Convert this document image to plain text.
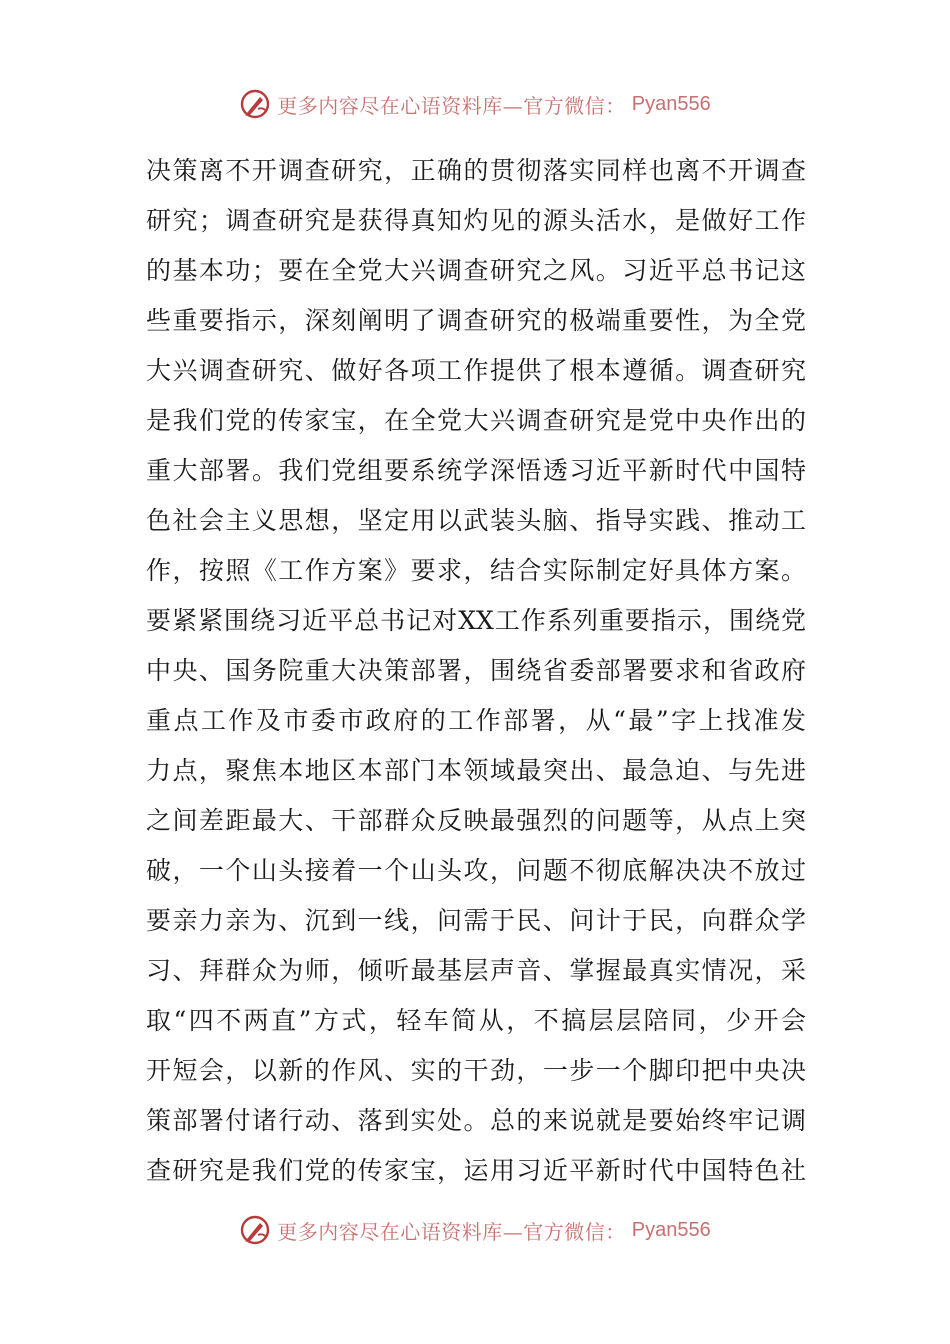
更多内容尽在心语资料库—官方微信： Pyan556
决策离不开调查研究，正确的贯彻落实同样也离不开调查
研究；调查研究是获得真知灼见的源头活水，是做好工作
的基本功；要在全党大兴调查研究之风。习近平总书记这
些重要指示，深刻阐明了调查研究的极端重要性，为全党
大兴调查研究、做好各项工作提供了根本遵循。调查研究
是我们党的传家宝，在全党大兴调查研究是党中央作出的
重大部署。我们党组要系统学深悟透习近平新时代中国特
色社会主义思想，坚定用以武装头脑、指导实践、推动工
作，按照《工作方案》要求，结合实际制定好具体方案。
要紧紧围绕习近平总书记对XX工作系列重要指示，围绕党
中央、国务院重大决策部署，围绕省委部署要求和省政府
重点工作及市委市政府的工作部署，从“最”字上找准发
力点，聚焦本地区本部门本领域最突出、最急迫、与先进
之间差距最大、干部群众反映最强烈的问题等，从点上突
破，一个山头接着一个山头攻，问题不彻底解决决不放过
要亲力亲为、沉到一线，问需于民、问计于民，向群众学
习、拜群众为师，倾听最基层声音、掌握最真实情况，采
取“四不两直”方式，轻车简从，不搞层层陪同，少开会
开短会，以新的作风、实的干劲，一步一个脚印把中央决
策部署付诸行动、落到实处。总的来说就是要始终牢记调
查研究是我们党的传家宝，运用习近平新时代中国特色社
更多内容尽在心语资料库—官方微信： Pyan556
